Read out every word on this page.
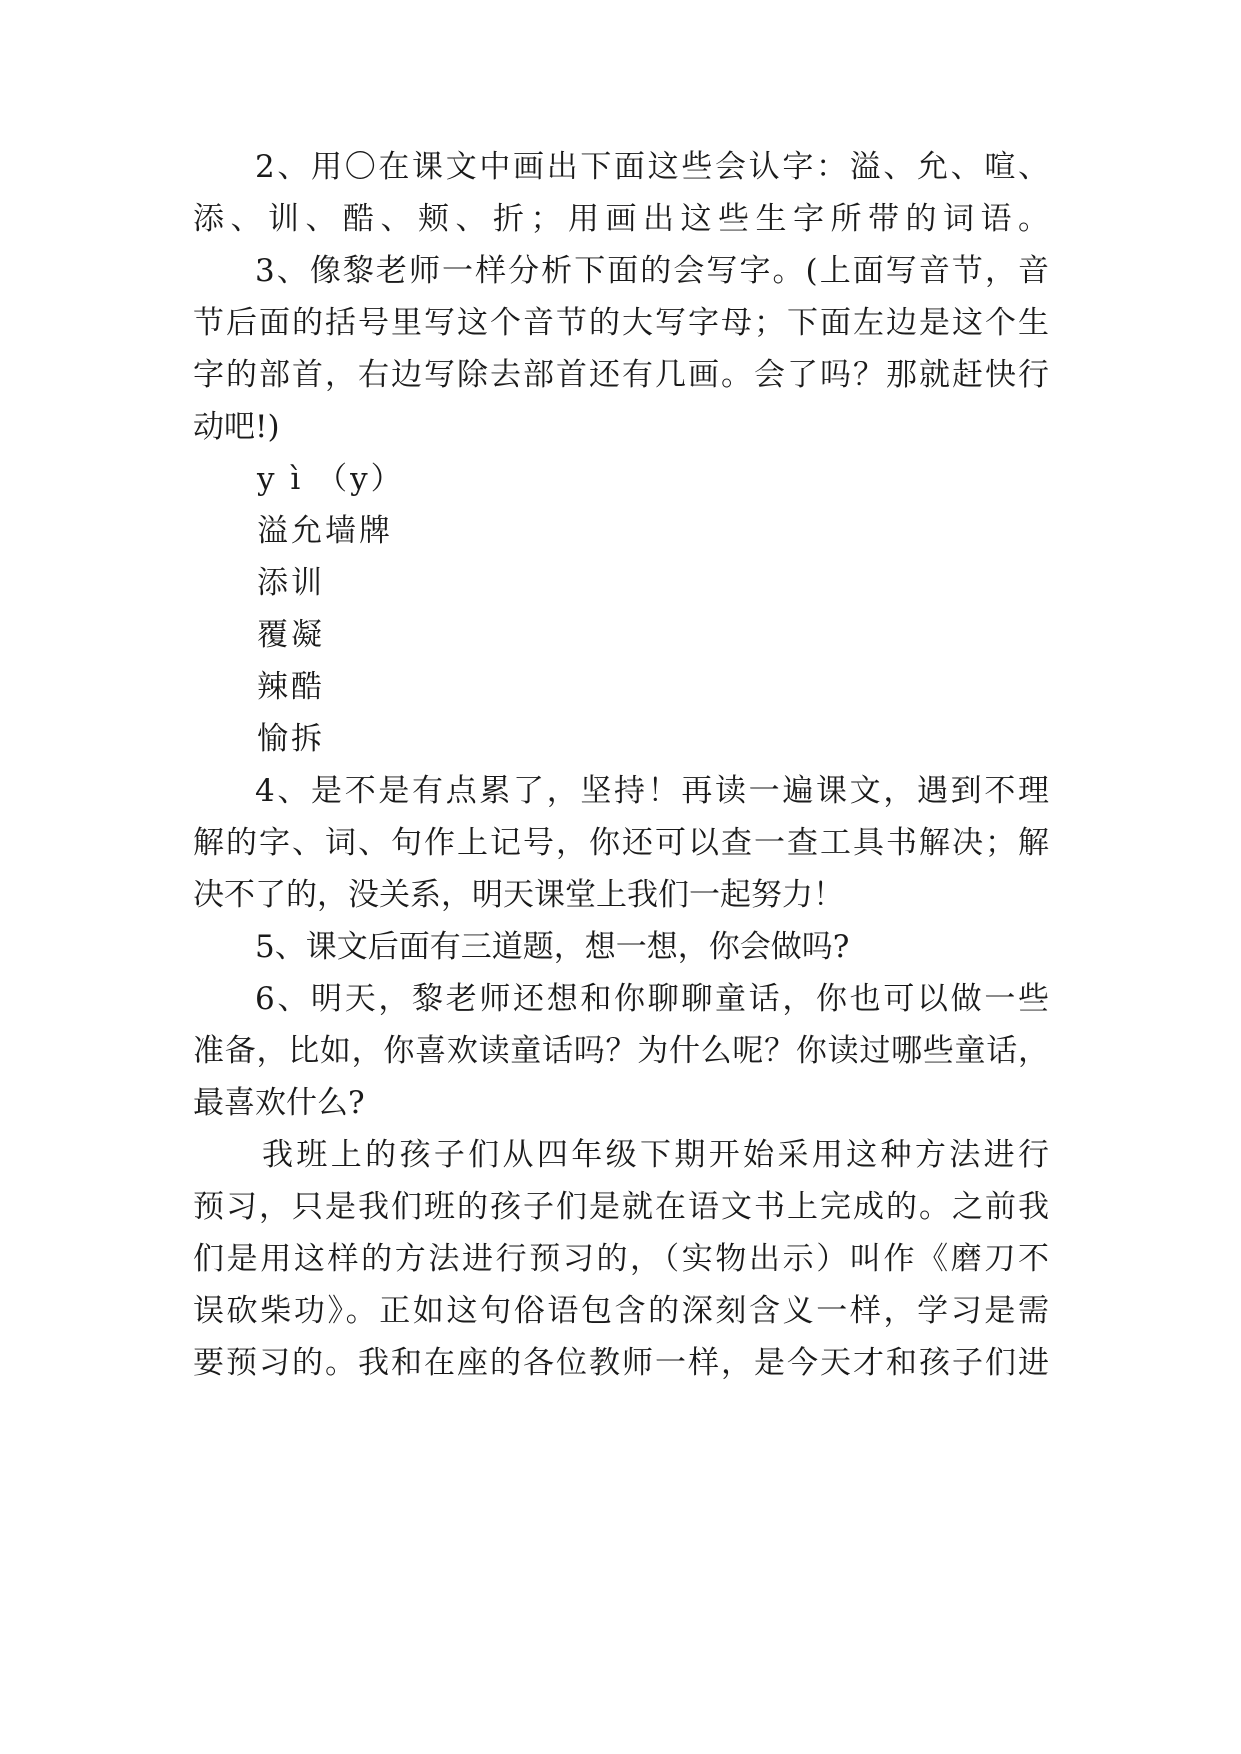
2、用〇在课文中画出下面这些会认字：溢、允、喧、
添、训、酷、颊、折；用画出这些生字所带的词语。
3、像黎老师一样分析下面的会写字。(上面写音节，音
节后面的括号里写这个音节的大写字母；下面左边是这个生
字的部首，右边写除去部首还有几画。会了吗？那就赶快行
动吧!)
y ì （y）
溢允墙牌
添训
覆凝
辣酷
愉拆
4、是不是有点累了，坚持！再读一遍课文，遇到不理
解的字、词、句作上记号，你还可以查一查工具书解决；解
决不了的，没关系，明天课堂上我们一起努力！
5、课文后面有三道题，想一想，你会做吗?
6、明天，黎老师还想和你聊聊童话，你也可以做一些
准备，比如，你喜欢读童话吗？为什么呢？你读过哪些童话，
最喜欢什么?
我班上的孩子们从四年级下期开始采用这种方法进行
预习，只是我们班的孩子们是就在语文书上完成的。之前我
们是用这样的方法进行预习的，（实物出示）叫作《磨刀不
误砍柴功》。正如这句俗语包含的深刻含义一样，学习是需
要预习的。我和在座的各位教师一样，是今天才和孩子们进
